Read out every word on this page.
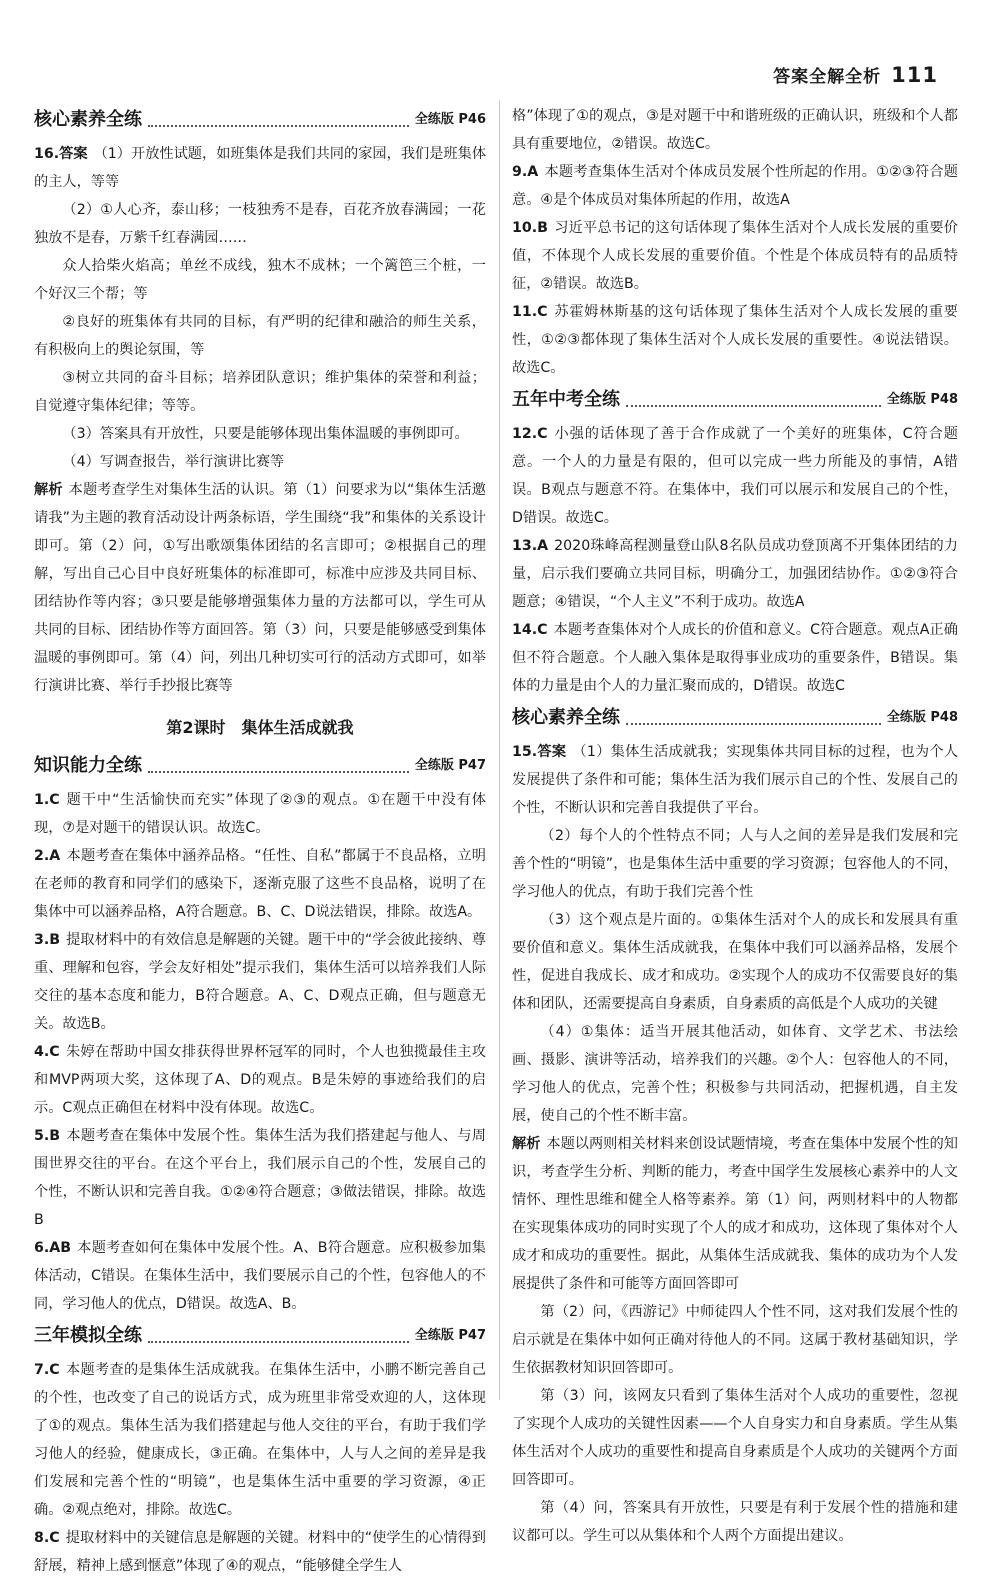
答案全解全析 111
核心素养全练	全练版 P46

16.答案 （1）开放性试题，如班集体是我们共同的家园，我们是班集体的主人，等等

（2）①人心齐，泰山移；一枝独秀不是春，百花齐放春满园；一花独放不是春，万紫千红春满园……

众人拾柴火焰高；单丝不成线，独木不成林；一个篱笆三个桩，一个好汉三个帮；等

②良好的班集体有共同的目标，有严明的纪律和融洽的师生关系，有积极向上的舆论氛围，等

③树立共同的奋斗目标；培养团队意识；维护集体的荣誉和利益；自觉遵守集体纪律；等等。

（3）答案具有开放性，只要是能够体现出集体温暖的事例即可。

（4）写调查报告，举行演讲比赛等

解析 本题考查学生对集体生活的认识。第（1）问要求为以“集体生活邀请我”为主题的教育活动设计两条标语，学生围绕“我”和集体的关系设计即可。第（2）问，①写出歌颂集体团结的名言即可；②根据自己的理解，写出自己心目中良好班集体的标准即可，标准中应涉及共同目标、团结协作等内容；③只要是能够增强集体力量的方法都可以，学生可从共同的目标、团结协作等方面回答。第（3）问，只要是能够感受到集体温暖的事例即可。第（4）问，列出几种切实可行的活动方式即可，如举行演讲比赛、举行手抄报比赛等

第2课时　集体生活成就我
知识能力全练	全练版 P47

1.C 题干中“生活愉快而充实”体现了②③的观点。①在题干中没有体现，⑦是对题干的错误认识。故选C。

2.A 本题考查在集体中涵养品格。“任性、自私”都属于不良品格，立明在老师的教育和同学们的感染下，逐渐克服了这些不良品格，说明了在集体中可以涵养品格，A符合题意。B、C、D说法错误，排除。故选A。

3.B 提取材料中的有效信息是解题的关键。题干中的“学会彼此接纳、尊重、理解和包容，学会友好相处”提示我们，集体生活可以培养我们人际交往的基本态度和能力，B符合题意。A、C、D观点正确，但与题意无关。故选B。

4.C 朱婷在帮助中国女排获得世界杯冠军的同时，个人也独揽最佳主攻和MVP两项大奖，这体现了A、D的观点。B是朱婷的事迹给我们的启示。C观点正确但在材料中没有体现。故选C。

5.B 本题考查在集体中发展个性。集体生活为我们搭建起与他人、与周围世界交往的平台。在这个平台上，我们展示自己的个性，发展自己的个性，不断认识和完善自我。①②④符合题意；③做法错误，排除。故选B

6.AB 本题考查如何在集体中发展个性。A、B符合题意。应积极参加集体活动，C错误。在集体生活中，我们要展示自己的个性，包容他人的不同，学习他人的优点，D错误。故选A、B。

三年模拟全练	全练版 P47

7.C 本题考查的是集体生活成就我。在集体生活中，小鹏不断完善自己的个性，也改变了自己的说话方式，成为班里非常受欢迎的人，这体现了①的观点。集体生活为我们搭建起与他人交往的平台，有助于我们学习他人的经验，健康成长，③正确。在集体中，人与人之间的差异是我们发展和完善个性的“明镜”，也是集体生活中重要的学习资源，④正确。②观点绝对，排除。故选C。

8.C 提取材料中的关键信息是解题的关键。材料中的“使学生的心情得到舒展，精神上感到惬意”体现了④的观点，“能够健全学生人

格”体现了①的观点，③是对题干中和谐班级的正确认识，班级和个人都具有重要地位，②错误。故选C。

9.A 本题考查集体生活对个体成员发展个性所起的作用。①②③符合题意。④是个体成员对集体所起的作用，故选A

10.B 习近平总书记的这句话体现了集体生活对个人成长发展的重要价值，不体现个人成长发展的重要价值。个性是个体成员特有的品质特征，②错误。故选B。

11.C 苏霍姆林斯基的这句话体现了集体生活对个人成长发展的重要性，①②③都体现了集体生活对个人成长发展的重要性。④说法错误。故选C。

五年中考全练	全练版 P48

12.C 小强的话体现了善于合作成就了一个美好的班集体，C符合题意。一个人的力量是有限的，但可以完成一些力所能及的事情，A错误。B观点与题意不符。在集体中，我们可以展示和发展自己的个性，D错误。故选C。

13.A 2020珠峰高程测量登山队8名队员成功登顶离不开集体团结的力量，启示我们要确立共同目标，明确分工，加强团结协作。①②③符合题意；④错误，“个人主义”不利于成功。故选A

14.C 本题考查集体对个人成长的价值和意义。C符合题意。观点A正确但不符合题意。个人融入集体是取得事业成功的重要条件，B错误。集体的力量是由个人的力量汇聚而成的，D错误。故选C

核心素养全练	全练版 P48

15.答案 （1）集体生活成就我；实现集体共同目标的过程，也为个人发展提供了条件和可能；集体生活为我们展示自己的个性、发展自己的个性，不断认识和完善自我提供了平台。

（2）每个人的个性特点不同；人与人之间的差异是我们发展和完善个性的“明镜”，也是集体生活中重要的学习资源；包容他人的不同，学习他人的优点，有助于我们完善个性

（3）这个观点是片面的。①集体生活对个人的成长和发展具有重要价值和意义。集体生活成就我，在集体中我们可以涵养品格，发展个性，促进自我成长、成才和成功。②实现个人的成功不仅需要良好的集体和团队，还需要提高自身素质，自身素质的高低是个人成功的关键

（4）①集体：适当开展其他活动，如体育、文学艺术、书法绘画、摄影、演讲等活动，培养我们的兴趣。②个人：包容他人的不同，学习他人的优点，完善个性；积极参与共同活动，把握机遇，自主发展，使自己的个性不断丰富。

解析 本题以两则相关材料来创设试题情境，考查在集体中发展个性的知识，考查学生分析、判断的能力，考查中国学生发展核心素养中的人文情怀、理性思维和健全人格等素养。第（1）问，两则材料中的人物都在实现集体成功的同时实现了个人的成才和成功，这体现了集体对个人成才和成功的重要性。据此，从集体生活成就我、集体的成功为个人发展提供了条件和可能等方面回答即可

第（2）问，《西游记》中师徒四人个性不同，这对我们发展个性的启示就是在集体中如何正确对待他人的不同。这属于教材基础知识，学生依据教材知识回答即可。

第（3）问，该网友只看到了集体生活对个人成功的重要性，忽视了实现个人成功的关键性因素——个人自身实力和自身素质。学生从集体生活对个人成功的重要性和提高自身素质是个人成功的关键两个方面回答即可。

第（4）问，答案具有开放性，只要是有利于发展个性的措施和建议都可以。学生可以从集体和个人两个方面提出建议。
